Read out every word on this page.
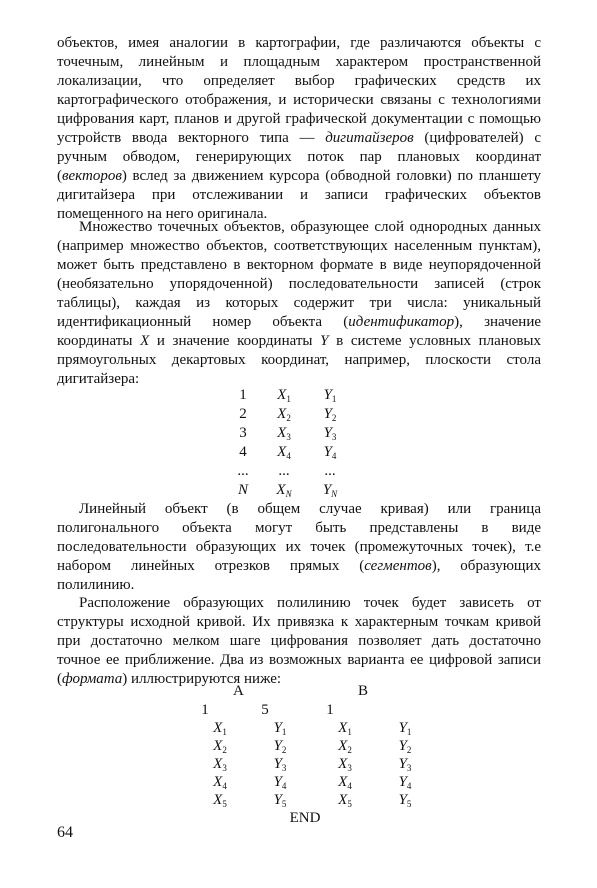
объектов, имея аналогии в картографии, где различаются объекты с точечным, линейным и площадным характером пространственной локализации, что определяет выбор графических средств их картографического отображения, и исторически связаны с технологиями цифрования карт, планов и другой графической документации с помощью устройств ввода векторного типа — дигитайзеров (цифрователей) с ручным обводом, генерирующих поток пар плановых координат (векторов) вслед за движением курсора (обводной головки) по планшету дигитайзера при отслеживании и записи графических объектов помещенного на него оригинала.

Множество точечных объектов, образующее слой однородных данных (например множество объектов, соответствующих населенным пунктам), может быть представлено в векторном формате в виде неупорядоченной (необязательно упорядоченной) последовательности записей (строк таблицы), каждая из которых содержит три числа: уникальный идентификационный номер объекта (идентификатор), значение координаты X и значение координаты Y в системе условных плановых прямоугольных декартовых координат, например, плоскости стола дигитайзера:

1	$X_1$	$Y_1$
2	$X_2$	$Y_2$
3	$X_3$	$Y_3$
4	$X_4$	$Y_4$
...	...	...
N	$X_N$	$Y_N$

Линейный объект (в общем случае кривая) или граница полигонального объекта могут быть представлены в виде последовательности образующих их точек (промежуточных точек), т.е набором линейных отрезков прямых (сегментов), образующих полилинию.

Расположение образующих полилинию точек будет зависеть от структуры исходной кривой. Их привязка к характерным точкам кривой при достаточно мелком шаге цифрования позволяет дать достаточно точное ее приближение. Два из возможных варианта ее цифровой записи (формата) иллюстрируются ниже:

A	B
1	5	1
$X_1$	$Y_1$	$X_1$	$Y_1$
$X_2$	$Y_2$	$X_2$	$Y_2$
$X_3$	$Y_3$	$X_3$	$Y_3$
$X_4$	$Y_4$	$X_4$	$Y_4$
$X_5$	$Y_5$	$X_5$	$Y_5$
END
64
